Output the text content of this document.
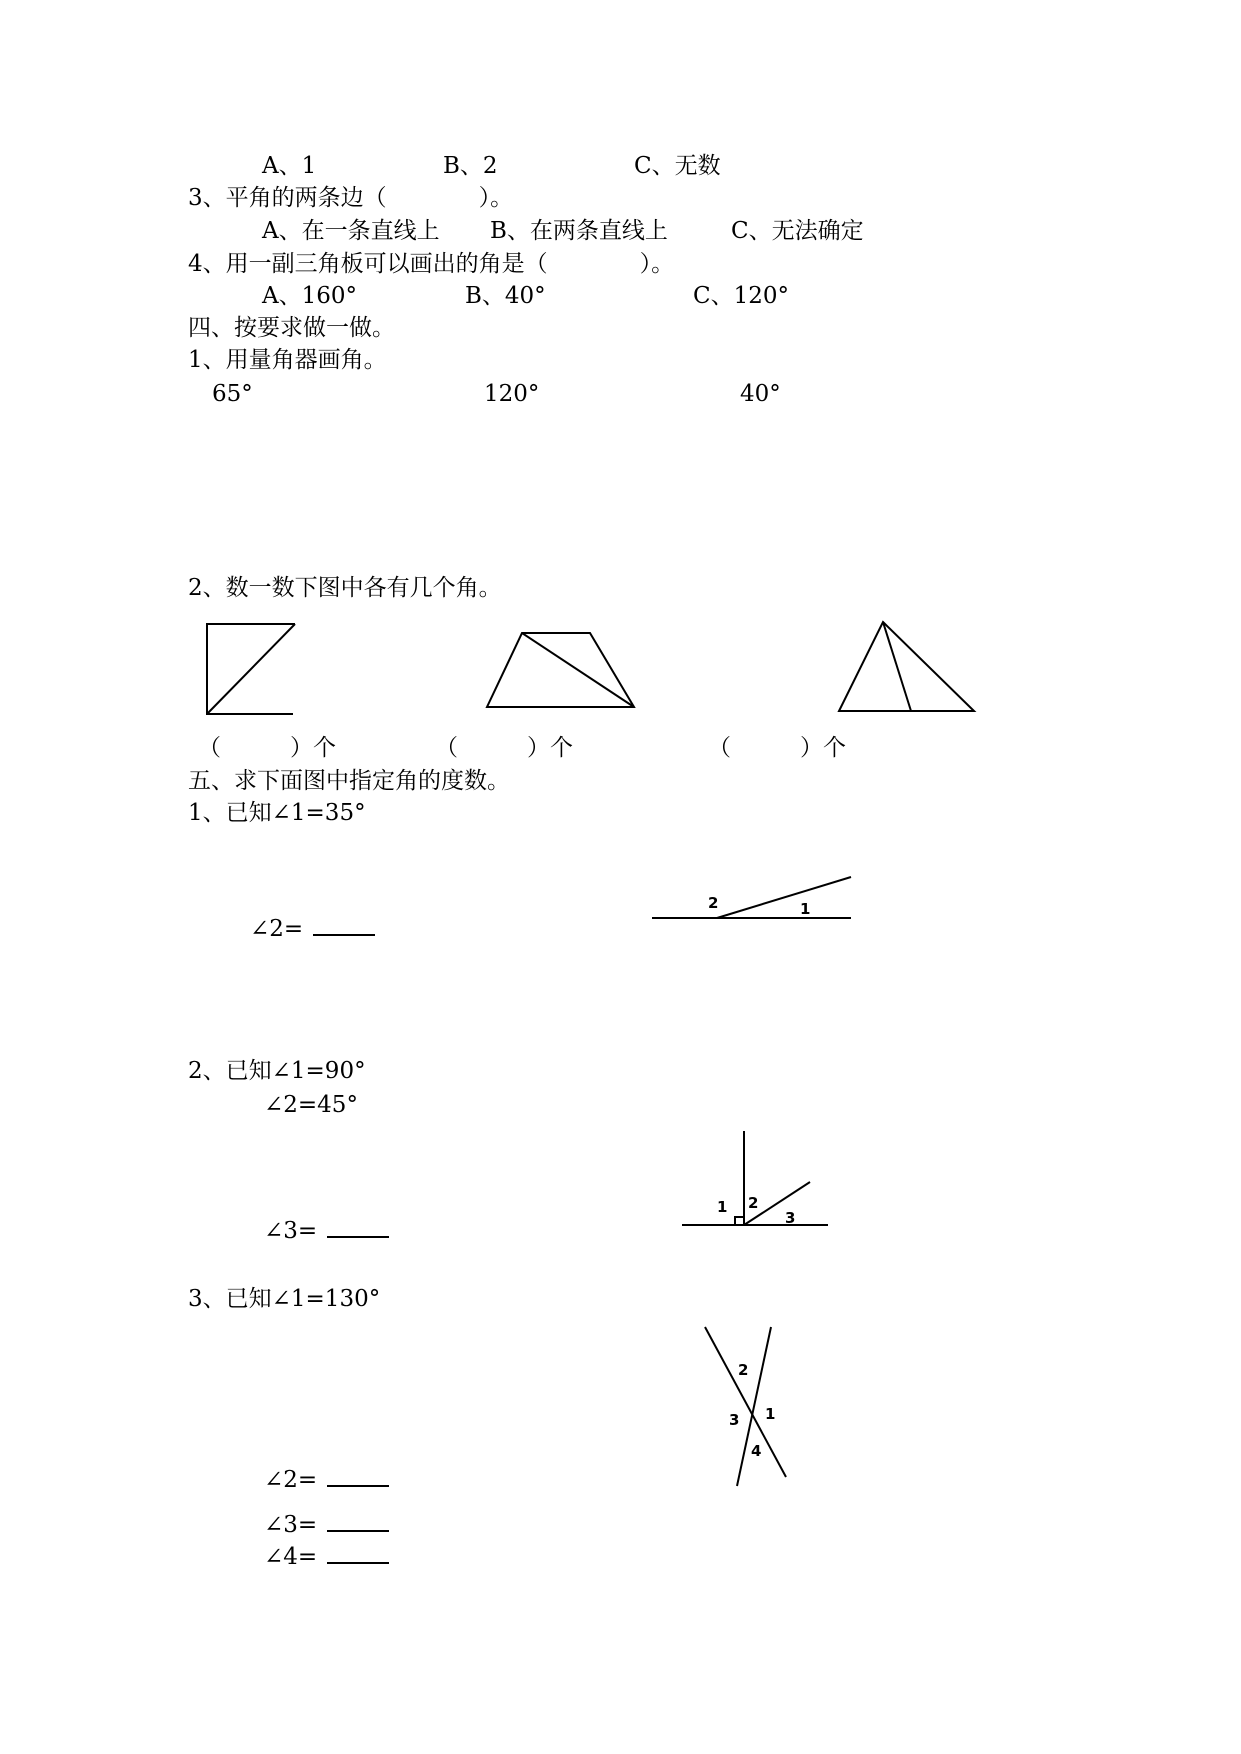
A、1	B、2	C、无数
3、平角的两条边（　　　　）。
A、在一条直线上 B、在两条直线上	C、无法确定
4、用一副三角板可以画出的角是（　　　　）。
A、160°	B、40°	C、120°
四、按要求做一做。
1、用量角器画角。
65°	120°	40°
2、数一数下图中各有几个角。
（　　　）个	（　　　）个	（　　　）个
五、求下面图中指定角的度数。
1、已知∠1=35°
∠2=
2	1
2、已知∠1=90°
∠2=45°
∠3=
1 2
3
3、已知∠1=130°
∠2=
∠3=
∠4=
2
1
3
4
